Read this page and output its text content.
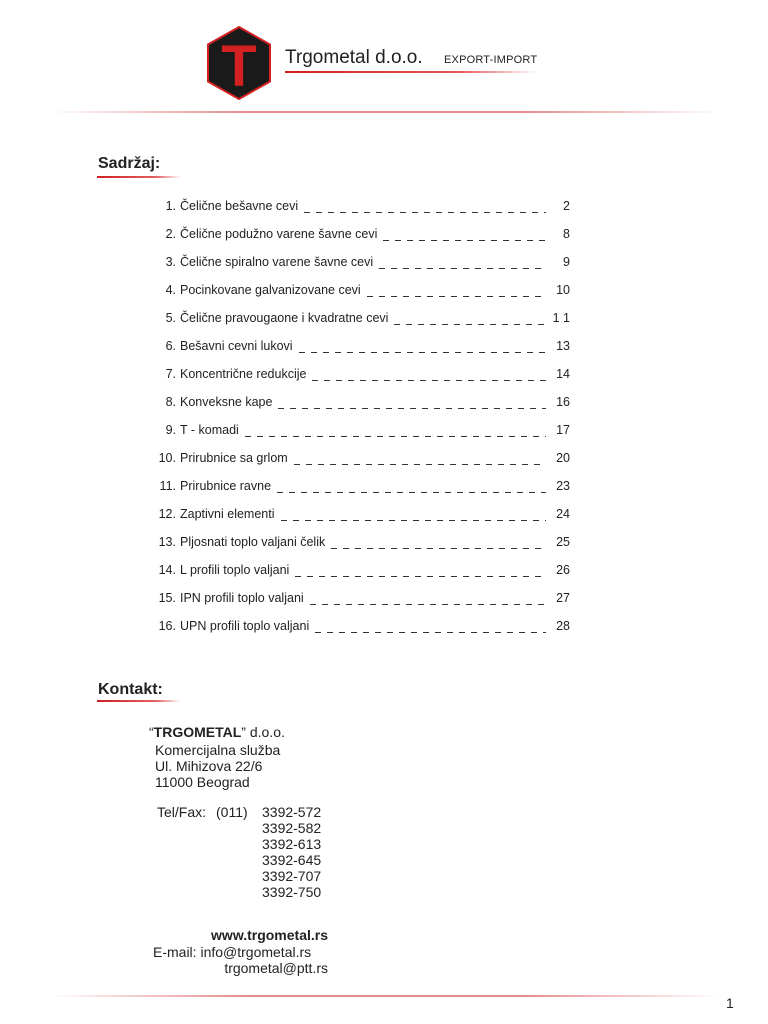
T Trgometal d.o.o. EXPORT-IMPORT
Sadržaj:
1. Čelične bešavne cevi	2
2. Čelične podužno varene šavne cevi	8
3. Čelične spiralno varene šavne cevi	9
4. Pocinkovane galvanizovane cevi	10
5. Čelične pravougaone i kvadratne cevi	1 1
6. Bešavni cevni lukovi	13
7. Koncentrične redukcije	14
8. Konveksne kape	16
9. T - komadi	17
10. Prirubnice sa grlom	20
11. Prirubnice ravne	23
12. Zaptivni elementi	24
13. Pljosnati toplo valjani čelik	25
14. L profili toplo valjani	26
15. IPN profili toplo valjani	27
16. UPN profili toplo valjani	28
Kontakt:
“TRGOMETAL” d.o.o.
Komercijalna služba
Ul. Mihizova 22/6
11000 Beograd
Tel/Fax: (011) 3392-572
3392-582
3392-613
3392-645
3392-707
3392-750
www.trgometal.rs
E-mail: info@trgometal.rs
trgometal@ptt.rs
1
